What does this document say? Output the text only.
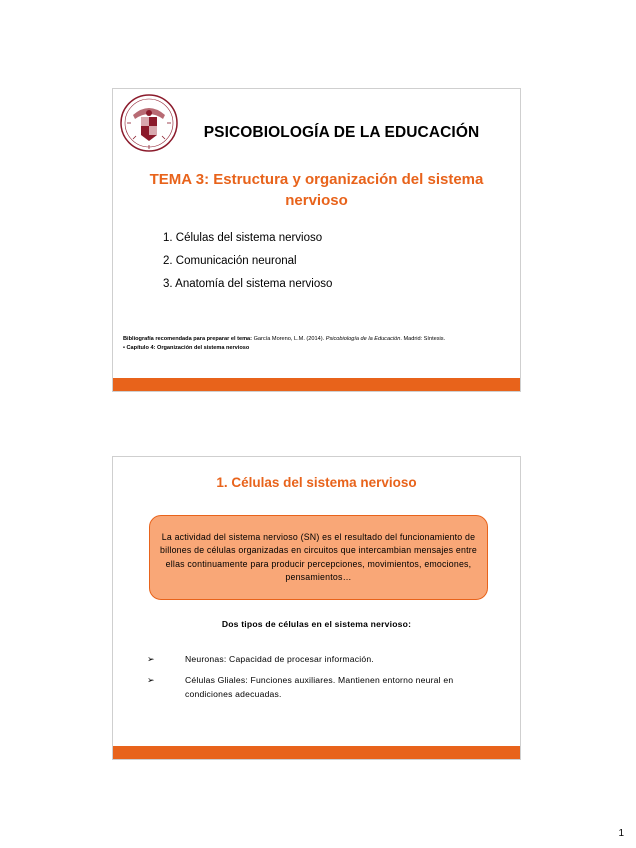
PSICOBIOLOGÍA DE LA EDUCACIÓN
TEMA 3: Estructura y organización del sistema
nervioso
1. Células del sistema nervioso
2. Comunicación neuronal
3. Anatomía del sistema nervioso
Bibliografía recomendada para preparar el tema: García Moreno, L.M. (2014). Psicobiología de la Educación. Madrid: Síntesis.
• Capítulo 4: Organización del sistema nervioso
1. Células del sistema nervioso
La actividad del sistema nervioso (SN) es el resultado del funcionamiento de billones de células organizadas en circuitos que intercambian mensajes entre ellas continuamente para producir percepciones, movimientos, emociones, pensamientos…
Dos tipos de células en el sistema nervioso:
➢	Neuronas: Capacidad de procesar información.
➢	Células Gliales: Funciones auxiliares. Mantienen entorno neural en condiciones adecuadas.
1
